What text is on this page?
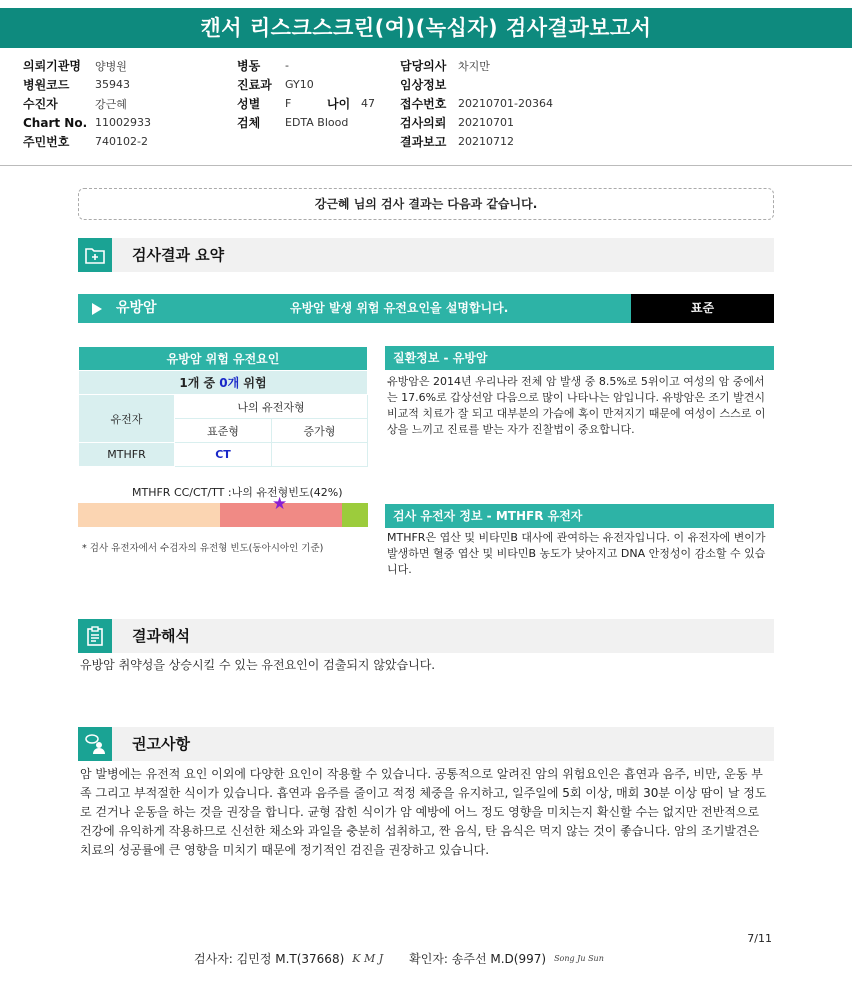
캔서 리스크스크린(여)(녹십자) 검사결과보고서
의뢰기관명	양병원
병원코드	35943
수진자	강근혜
Chart No. 11002933
주민번호	740102-2
병동	-
진료과	GY10
성별	F	나이 47
검체	EDTA Blood
담당의사	차지만
임상정보
접수번호	20210701-20364
검사의뢰	20210701
결과보고	20210712
강근혜 님의 검사 결과는 다음과 같습니다.
검사결과 요약
유방암	유방암 발생 위험 유전요인을 설명합니다.	표준
유방암 위험 유전요인		
1개 중 0개 위험		
유전자	나의 유전자형	
	표준형	증가형
MTHFR	CT	
MTHFR CC/CT/TT :나의 유전형빈도(42%)
★
* 검사 유전자에서 수검자의 유전형 빈도(동아시아인 기준)
질환정보 - 유방암
유방암은 2014년 우리나라 전체 암 발생 중 8.5%로 5위이고 여성의 암 중에서는 17.6%로 갑상선암 다음으로 많이 나타나는 암입니다. 유방암은 조기 발견시 비교적 치료가 잘 되고 대부분의 가슴에 혹이 만져지기 때문에 여성이 스스로 이상을 느끼고 진료를 받는 자가 진찰법이 중요합니다.
검사 유전자 정보 - MTHFR 유전자
MTHFR은 엽산 및 비타민B 대사에 관여하는 유전자입니다. 이 유전자에 변이가 발생하면 혈중 엽산 및 비타민B 농도가 낮아지고 DNA 안정성이 감소할 수 있습니다.
결과해석
유방암 취약성을 상승시킬 수 있는 유전요인이 검출되지 않았습니다.
권고사항
암 발병에는 유전적 요인 이외에 다양한 요인이 작용할 수 있습니다. 공통적으로 알려진 암의 위험요인은 흡연과 음주, 비만, 운동 부족 그리고 부적절한 식이가 있습니다. 흡연과 음주를 줄이고 적정 체중을 유지하고, 일주일에 5회 이상, 매회 30분 이상 땀이 날 정도로 걷거나 운동을 하는 것을 권장을 합니다. 균형 잡힌 식이가 암 예방에 어느 정도 영향을 미치는지 확신할 수는 없지만 전반적으로 건강에 유익하게 작용하므로 신선한 채소와 과일을 충분히 섭취하고, 짠 음식, 탄 음식은 먹지 않는 것이 좋습니다. 암의 조기발견은 치료의 성공률에 큰 영향을 미치기 때문에 정기적인 검진을 권장하고 있습니다.
7/11
검사자: 김민정 M.T(37668) K M J 확인자: 송주선 M.D(997) Song Ju Sun
